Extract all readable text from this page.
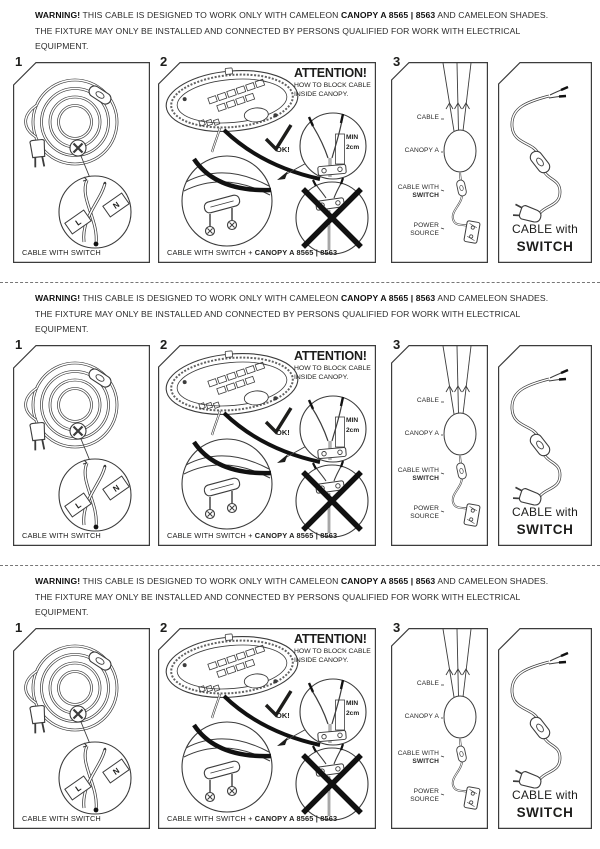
WARNING! THIS CABLE IS DESIGNED TO WORK ONLY WITH CAMELEON CANOPY A 8565 | 8563 AND CAMELEON SHADES.
THE FIXTURE MAY ONLY BE INSTALLED AND CONNECTED BY PERSONS QUALIFIED FOR WORK WITH ELECTRICAL EQUIPMENT.
1
L
N
CABLE WITH SWITCH
2
ATTENTION!
HOW TO BLOCK CABLE
INSIDE CANOPY.
OK!
MIN
2cm
CABLE WITH SWITCH + CANOPY A 8565 | 8563
3
CABLE
CANOPY A
CABLE WITH
SWITCH
POWER
SOURCE	CABLE with
SWITCH
WARNING! THIS CABLE IS DESIGNED TO WORK ONLY WITH CAMELEON CANOPY A 8565 | 8563 AND CAMELEON SHADES.
THE FIXTURE MAY ONLY BE INSTALLED AND CONNECTED BY PERSONS QUALIFIED FOR WORK WITH ELECTRICAL EQUIPMENT.
1
L
N
CABLE WITH SWITCH
2
ATTENTION!
HOW TO BLOCK CABLE
INSIDE CANOPY.
OK!
MIN
2cm
CABLE WITH SWITCH + CANOPY A 8565 | 8563
3
CABLE
CANOPY A
CABLE WITH
SWITCH
POWER
SOURCE	CABLE with
SWITCH
WARNING! THIS CABLE IS DESIGNED TO WORK ONLY WITH CAMELEON CANOPY A 8565 | 8563 AND CAMELEON SHADES.
THE FIXTURE MAY ONLY BE INSTALLED AND CONNECTED BY PERSONS QUALIFIED FOR WORK WITH ELECTRICAL EQUIPMENT.
1
L
N
CABLE WITH SWITCH
2
ATTENTION!
HOW TO BLOCK CABLE
INSIDE CANOPY.
OK!
MIN
2cm
CABLE WITH SWITCH + CANOPY A 8565 | 8563
3
CABLE
CANOPY A
CABLE WITH
SWITCH
POWER
SOURCE	CABLE with
SWITCH
